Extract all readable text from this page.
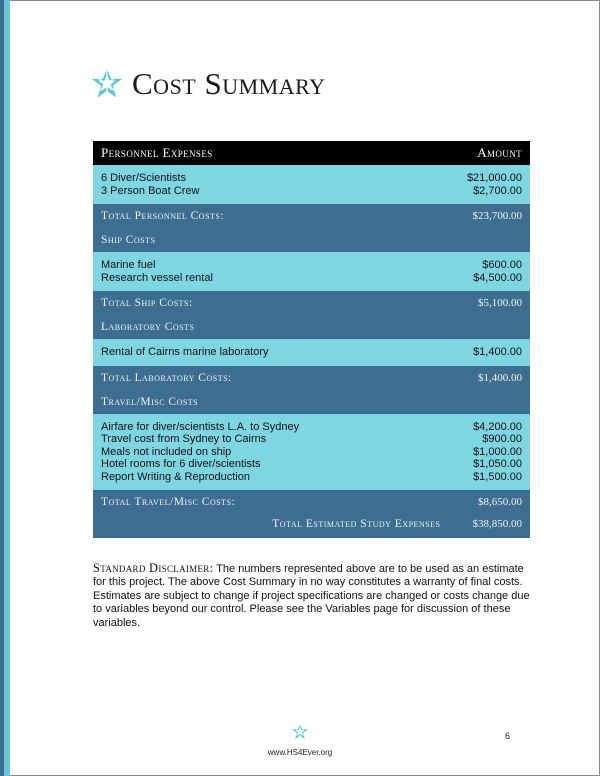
Cost Summary
Personnel Expenses	Amount
6 Diver/Scientists	$21,000.00
3 Person Boat Crew	$2,700.00
Total Personnel Costs:	$23,700.00
Ship Costs
Marine fuel	$600.00
Research vessel rental	$4,500.00
Total Ship Costs:	$5,100.00
Laboratory Costs
Rental of Cairns marine laboratory	$1,400.00
Total Laboratory Costs:	$1,400.00
Travel/Misc Costs
Airfare for diver/scientists L.A. to Sydney	$4,200.00
Travel cost from Sydney to Cairns	$900.00
Meals not included on ship	$1,000.00
Hotel rooms for 6 diver/scientists	$1,050.00
Report Writing & Reproduction	$1,500.00
Total Travel/Misc Costs:	$8,650.00
Total Estimated Study Expenses	$38,850.00
Standard Disclaimer: The numbers represented above are to be used as an estimate for this project. The above Cost Summary in no way constitutes a warranty of final costs. Estimates are subject to change if project specifications are changed or costs change due to variables beyond our control. Please see the Variables page for discussion of these variables.
www.HS4Ever.org
6
